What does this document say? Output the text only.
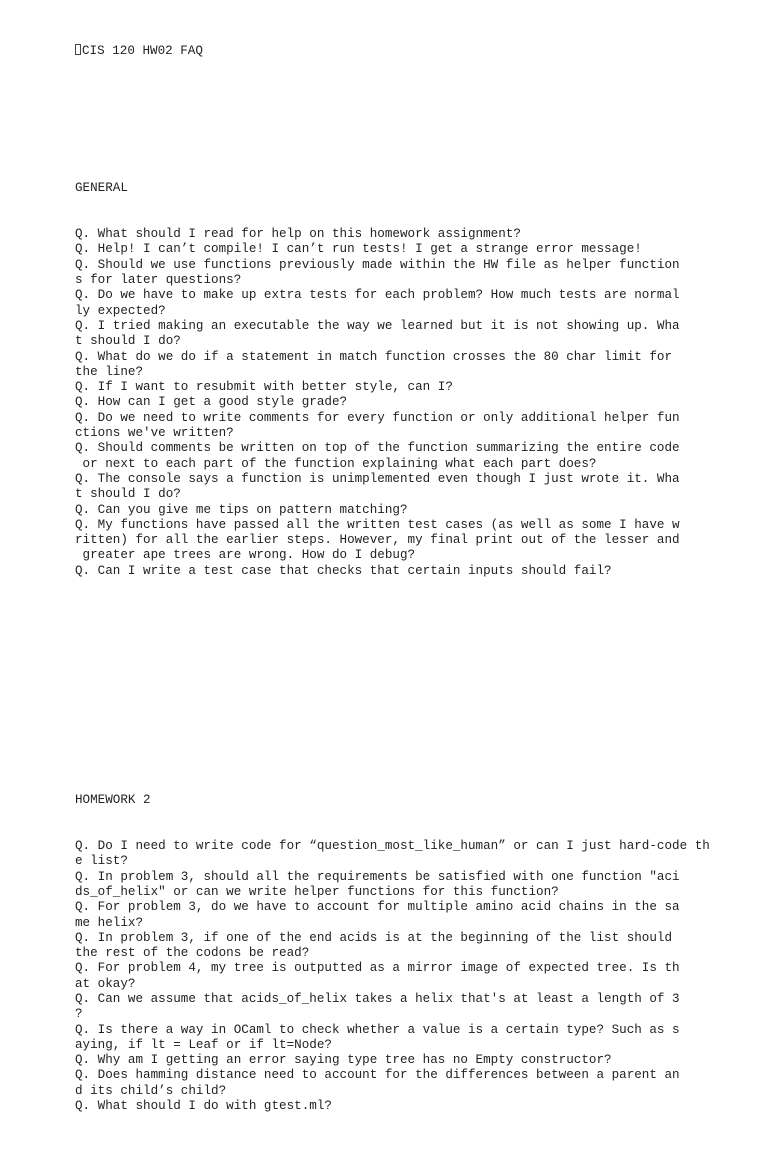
CIS 120 HW02 FAQ

GENERAL

Q. What should I read for help on this homework assignment?
Q. Help! I can’t compile! I can’t run tests! I get a strange error message!
Q. Should we use functions previously made within the HW file as helper function
s for later questions?
Q. Do we have to make up extra tests for each problem? How much tests are normal
ly expected?
Q. I tried making an executable the way we learned but it is not showing up. Wha
t should I do?
Q. What do we do if a statement in match function crosses the 80 char limit for
the line?
Q. If I want to resubmit with better style, can I?
Q. How can I get a good style grade?
Q. Do we need to write comments for every function or only additional helper fun
ctions we've written?
Q. Should comments be written on top of the function summarizing the entire code
or next to each part of the function explaining what each part does?
Q. The console says a function is unimplemented even though I just wrote it. Wha
t should I do?
Q. Can you give me tips on pattern matching?
Q. My functions have passed all the written test cases (as well as some I have w
ritten) for all the earlier steps. However, my final print out of the lesser and
greater ape trees are wrong. How do I debug?
Q. Can I write a test case that checks that certain inputs should fail?

HOMEWORK 2

Q. Do I need to write code for “question_most_like_human” or can I just hard-code th
e list?
Q. In problem 3, should all the requirements be satisfied with one function "aci
ds_of_helix" or can we write helper functions for this function?
Q. For problem 3, do we have to account for multiple amino acid chains in the sa
me helix?
Q. In problem 3, if one of the end acids is at the beginning of the list should
the rest of the codons be read?
Q. For problem 4, my tree is outputted as a mirror image of expected tree. Is th
at okay?
Q. Can we assume that acids_of_helix takes a helix that's at least a length of 3
?
Q. Is there a way in OCaml to check whether a value is a certain type? Such as s
aying, if lt = Leaf or if lt=Node?
Q. Why am I getting an error saying type tree has no Empty constructor?
Q. Does hamming distance need to account for the differences between a parent an
d its child’s child?
Q. What should I do with gtest.ml?
